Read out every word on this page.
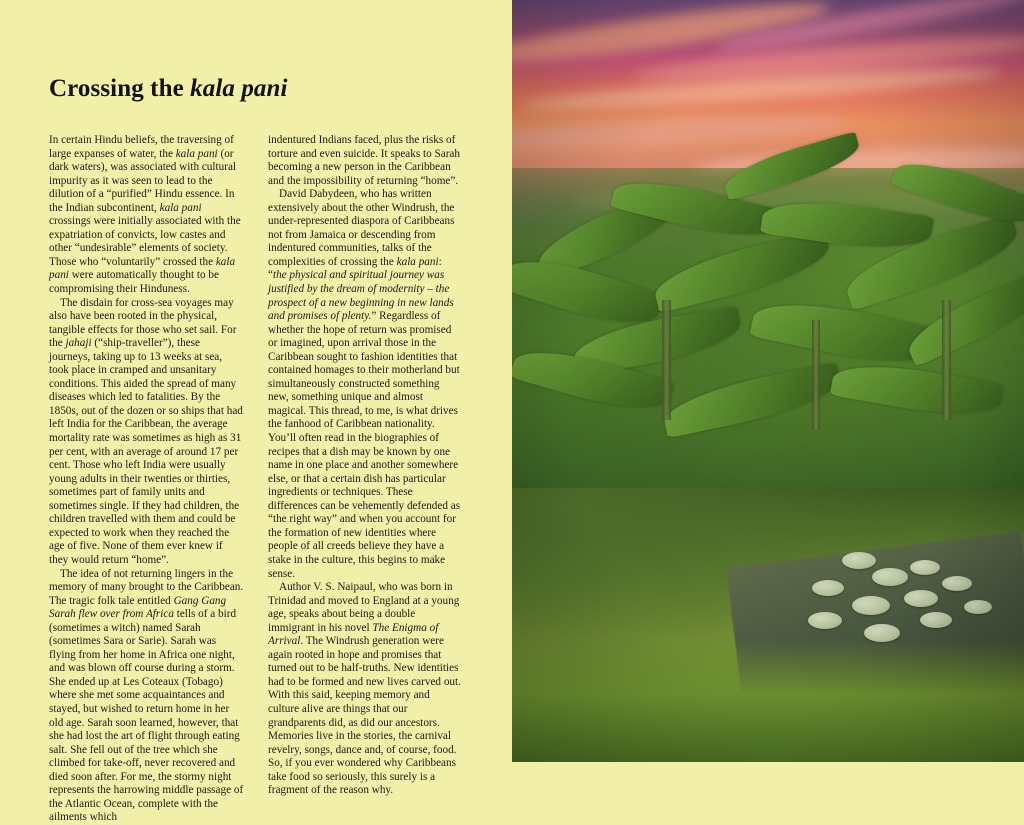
Crossing the kala pani

In certain Hindu beliefs, the traversing of large expanses of water, the kala pani (or dark waters), was associated with cultural impurity as it was seen to lead to the dilution of a “purified” Hindu essence. In the Indian subcontinent, kala pani crossings were initially associated with the expatriation of convicts, low castes and other “undesirable” elements of society. Those who “voluntarily” crossed the kala pani were automatically thought to be compromising their Hinduness.

The disdain for cross-sea voyages may also have been rooted in the physical, tangible effects for those who set sail. For the jahaji (“ship-traveller”), these journeys, taking up to 13 weeks at sea, took place in cramped and unsanitary conditions. This aided the spread of many diseases which led to fatalities. By the 1850s, out of the dozen or so ships that had left India for the Caribbean, the average mortality rate was sometimes as high as 31 per cent, with an average of around 17 per cent. Those who left India were usually young adults in their twenties or thirties, sometimes part of family units and sometimes single. If they had children, the children travelled with them and could be expected to work when they reached the age of five. None of them ever knew if they would return “home”.

The idea of not returning lingers in the memory of many brought to the Caribbean. The tragic folk tale entitled Gang Gang Sarah flew over from Africa tells of a bird (sometimes a witch) named Sarah (sometimes Sara or Sarie). Sarah was flying from her home in Africa one night, and was blown off course during a storm. She ended up at Les Coteaux (Tobago) where she met some acquaintances and stayed, but wished to return home in her old age. Sarah soon learned, however, that she had lost the art of flight through eating salt. She fell out of the tree which she climbed for take-off, never recovered and died soon after. For me, the stormy night represents the harrowing middle passage of the Atlantic Ocean, complete with the ailments which

indentured Indians faced, plus the risks of torture and even suicide. It speaks to Sarah becoming a new person in the Caribbean and the impossibility of returning “home”.

David Dabydeen, who has written extensively about the other Windrush, the under-represented diaspora of Caribbeans not from Jamaica or descending from indentured communities, talks of the complexities of crossing the kala pani: “the physical and spiritual journey was justified by the dream of modernity – the prospect of a new beginning in new lands and promises of plenty.” Regardless of whether the hope of return was promised or imagined, upon arrival those in the Caribbean sought to fashion identities that contained homages to their motherland but simultaneously constructed something new, something unique and almost magical. This thread, to me, is what drives the fanhood of Caribbean nationality. You’ll often read in the biographies of recipes that a dish may be known by one name in one place and another somewhere else, or that a certain dish has particular ingredients or techniques. These differences can be vehemently defended as “the right way” and when you account for the formation of new identities where people of all creeds believe they have a stake in the culture, this begins to make sense.

Author V. S. Naipaul, who was born in Trinidad and moved to England at a young age, speaks about being a double immigrant in his novel The Enigma of Arrival. The Windrush generation were again rooted in hope and promises that turned out to be half-truths. New identities had to be formed and new lives carved out. With this said, keeping memory and culture alive are things that our grandparents did, as did our ancestors. Memories live in the stories, the carnival revelry, songs, dance and, of course, food. So, if you ever wondered why Caribbeans take food so seriously, this surely is a fragment of the reason why.
